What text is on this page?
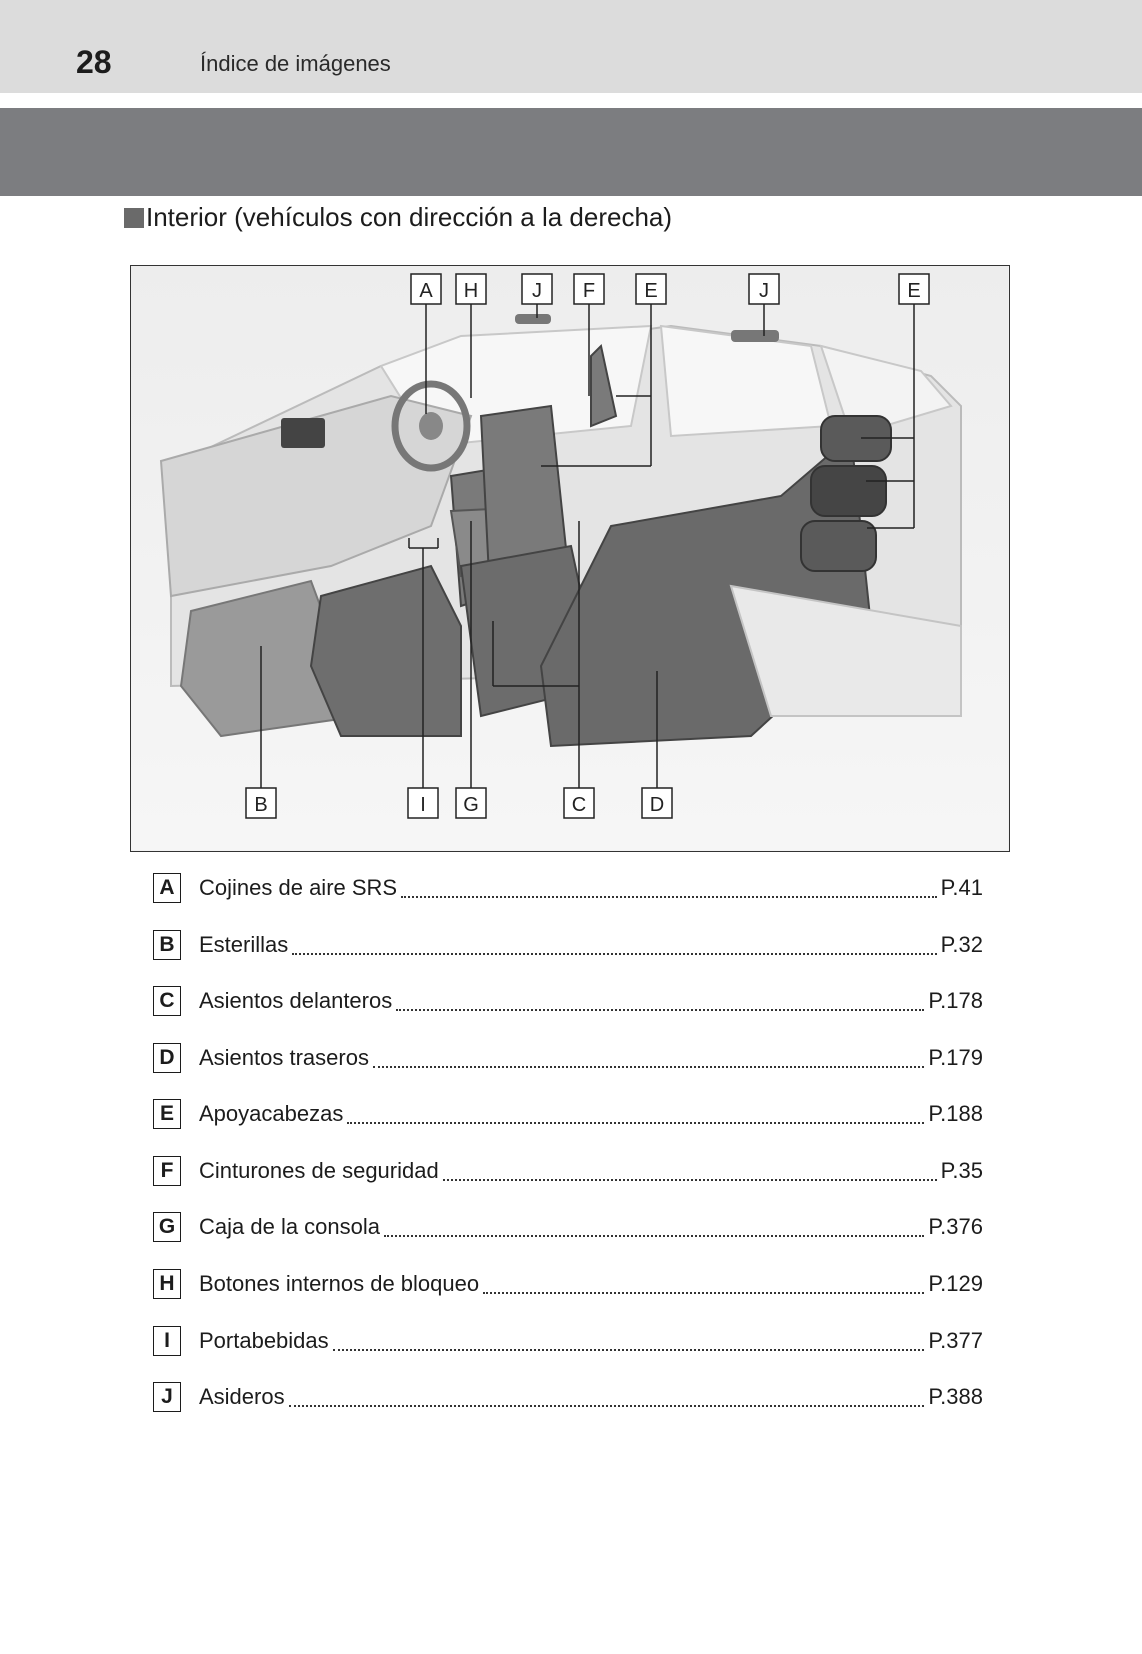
28	Índice de imágenes
Interior (vehículos con dirección a la derecha)
A H	J F E	J	E
B	I G	C	D
A Cojines de aire SRS	P.41
B Esterillas	P.32
C Asientos delanteros	P.178
D Asientos traseros	P.179
E	Apoyacabezas	P.188
F	Cinturones de seguridad	P.35
G Caja de la consola	P.376
H Botones internos de bloqueo	P.129
I	Portabebidas	P.377
J	Asideros	P.388
